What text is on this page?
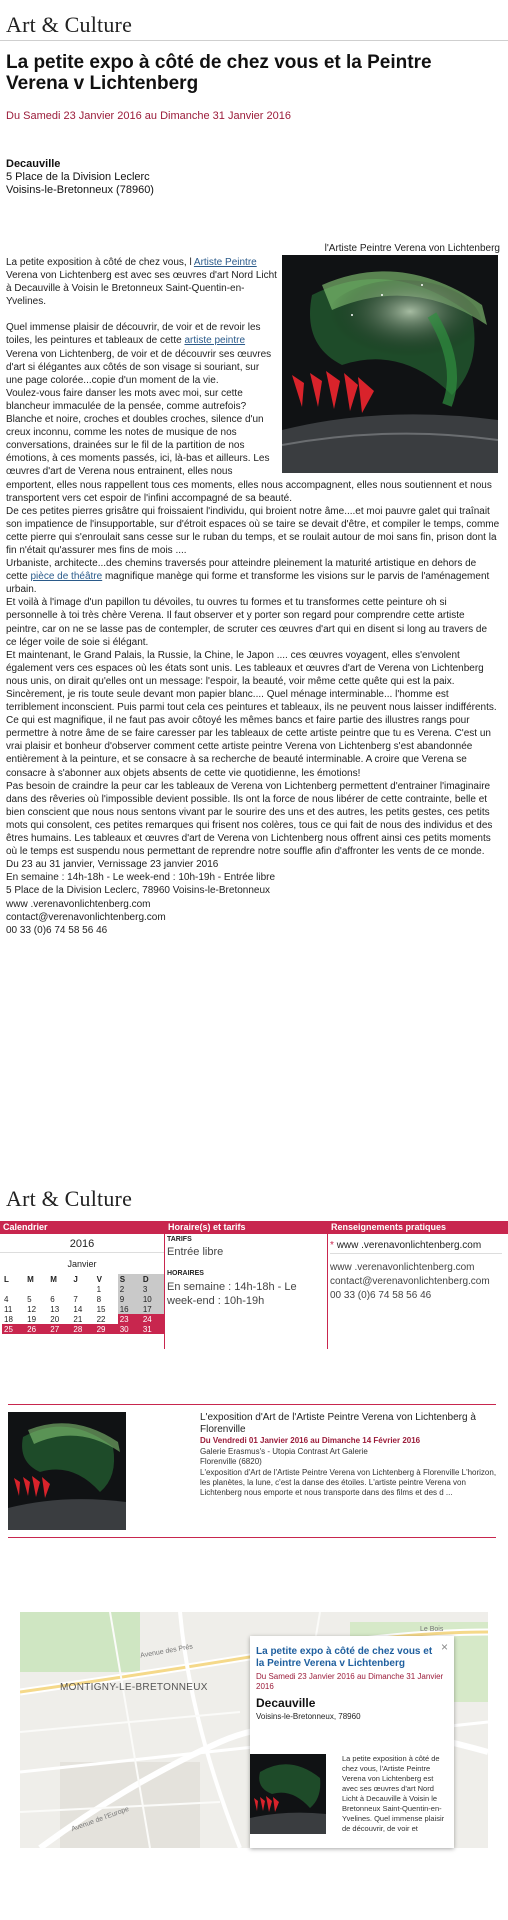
Art & Culture
La petite expo à côté de chez vous et la Peintre Verena v Lichtenberg
Du Samedi 23 Janvier 2016 au Dimanche 31 Janvier 2016
Decauville
5 Place de la Division Leclerc
Voisins-le-Bretonneux (78960)
l'Artiste Peintre Verena von Lichtenberg

La petite exposition à côté de chez vous, l Artiste Peintre Verena von Lichtenberg est avec ses œuvres d'art Nord Licht à Decauville à Voisin le Bretonneux Saint-Quentin-en-Yvelines.

Quel immense plaisir de découvrir, de voir et de revoir les toiles, les peintures et tableaux de cette artiste peintre Verena von Lichtenberg, de voir et de découvrir ses œuvres d'art si élégantes aux côtés de son visage si souriant, sur une page colorée...copie d'un moment de la vie.

Voulez-vous faire danser les mots avec moi, sur cette blancheur immaculée de la pensée, comme autrefois?

Blanche et noire, croches et doubles croches, silence d'un creux inconnu, comme les notes de musique de nos conversations, drainées sur le fil de la partition de nos émotions, à ces moments passés, ici, là-bas et ailleurs. Les œuvres d'art de Verena nous entrainent, elles nous emportent, elles nous rappellent tous ces moments, elles nous accompagnent, elles nous soutiennent et nous transportent vers cet espoir de l'infini accompagné de sa beauté.

De ces petites pierres grisâtre qui froissaient l'individu, qui broient notre âme....et moi pauvre galet qui traînait son impatience de l'insupportable, sur d'étroit espaces où se taire se devait d'être, et compiler le temps, comme cette pierre qui s'enroulait sans cesse sur le ruban du temps, et se roulait autour de moi sans fin, prison dont la fin n'était qu'assurer mes fins de mois ....

Urbaniste, architecte...des chemins traversés pour atteindre pleinement la maturité artistique en dehors de cette pièce de théâtre magnifique manège qui forme et transforme les visions sur le parvis de l'aménagement urbain.

Et voilà à l'image d'un papillon tu dévoiles, tu ouvres tu formes et tu transformes cette peinture oh si personnelle à toi très chère Verena. Il faut observer et y porter son regard pour comprendre cette artiste peintre, car on ne se lasse pas de contempler, de scruter ces œuvres d'art qui en disent si long au travers de ce léger voile de soie si élégant.

Et maintenant, le Grand Palais, la Russie, la Chine, le Japon .... ces œuvres voyagent, elles s'envolent également vers ces espaces où les états sont unis. Les tableaux et œuvres d'art de Verena von Lichtenberg nous unis, on dirait qu'elles ont un message: l'espoir, la beauté, voir même cette quête qui est la paix.

Sincèrement, je ris toute seule devant mon papier blanc.... Quel ménage interminable... l'homme est terriblement inconscient. Puis parmi tout cela ces peintures et tableaux, ils ne peuvent nous laisser indifférents. Ce qui est magnifique, il ne faut pas avoir côtoyé les mêmes bancs et faire partie des illustres rangs pour permettre à notre âme de se faire caresser par les tableaux de cette artiste peintre que tu es Verena. C'est un vrai plaisir et bonheur d'observer comment cette artiste peintre Verena von Lichtenberg s'est abandonnée entièrement à la peinture, et se consacre à sa recherche de beauté interminable. A croire que Verena se consacre à s'abonner aux objets absents de cette vie quotidienne, les émotions!

Pas besoin de craindre la peur car les tableaux de Verena von Lichtenberg permettent d'entrainer l'imaginaire dans des rêveries où l'impossible devient possible. Ils ont la force de nous libérer de cette contrainte, belle et bien conscient que nous nous sentons vivant par le sourire des uns et des autres, les petits gestes, ces petits mots qui consolent, ces petites remarques qui frisent nos colères, tous ce qui fait de nous des individus et des êtres humains. Les tableaux et œuvres d'art de Verena von Lichtenberg nous offrent ainsi ces petits moments où le temps est suspendu nous permettant de reprendre notre souffle afin d'affronter les vents de ce monde.

Du 23 au 31 janvier, Vernissage 23 janvier 2016

En semaine : 14h-18h - Le week-end : 10h-19h - Entrée libre

5 Place de la Division Leclerc, 78960 Voisins-le-Bretonneux

www .verenavonlichtenberg.com

contact@verenavonlichtenberg.com

00 33 (0)6 74 58 56 46

Art & Culture
Calendrier
2016
Janvier
L	M	M	J	V	S	D
				1	2	3
4	5	6	7	8	9	10
11	12	13	14	15	16	17
18	19	20	21	22	23	24
25	26	27	28	29	30	31
Horaire(s) et tarifs
TARIFS
Entrée libre
HORAIRES
En semaine : 14h-18h - Le week-end : 10h-19h
Renseignements pratiques
* www .verenavonlichtenberg.com
www .verenavonlichtenberg.com
contact@verenavonlichtenberg.com
00 33 (0)6 74 58 56 46
L'exposition d'Art de l'Artiste Peintre Verena von Lichtenberg à Florenville
Du Vendredi 01 Janvier 2016 au Dimanche 14 Février 2016
Galerie Erasmus's - Utopia Contrast Art Galerie
Florenville (6820)
L'exposition d'Art de l'Artiste Peintre Verena von Lichtenberg à Florenville L'horizon, les planètes, la lune, c'est la danse des étoiles. L'artiste peintre Verena von Lichtenberg nous emporte et nous transporte dans des films et des d ...
Avenue des Prés
MONTIGNY-LE-BRETONNEUX
Avenue de l'Europe
Le Bois
La petite expo à côté de chez vous et la Peintre Verena v Lichtenberg
×
Du Samedi 23 Janvier 2016 au Dimanche 31 Janvier 2016
Decauville
Voisins-le-Bretonneux, 78960
La petite exposition à côté de chez vous, l'Artiste Peintre Verena von Lichtenberg est avec ses œuvres d'art Nord Licht à Decauville à Voisin le Bretonneux Saint-Quentin-en-Yvelines. Quel immense plaisir de découvrir, de voir et
